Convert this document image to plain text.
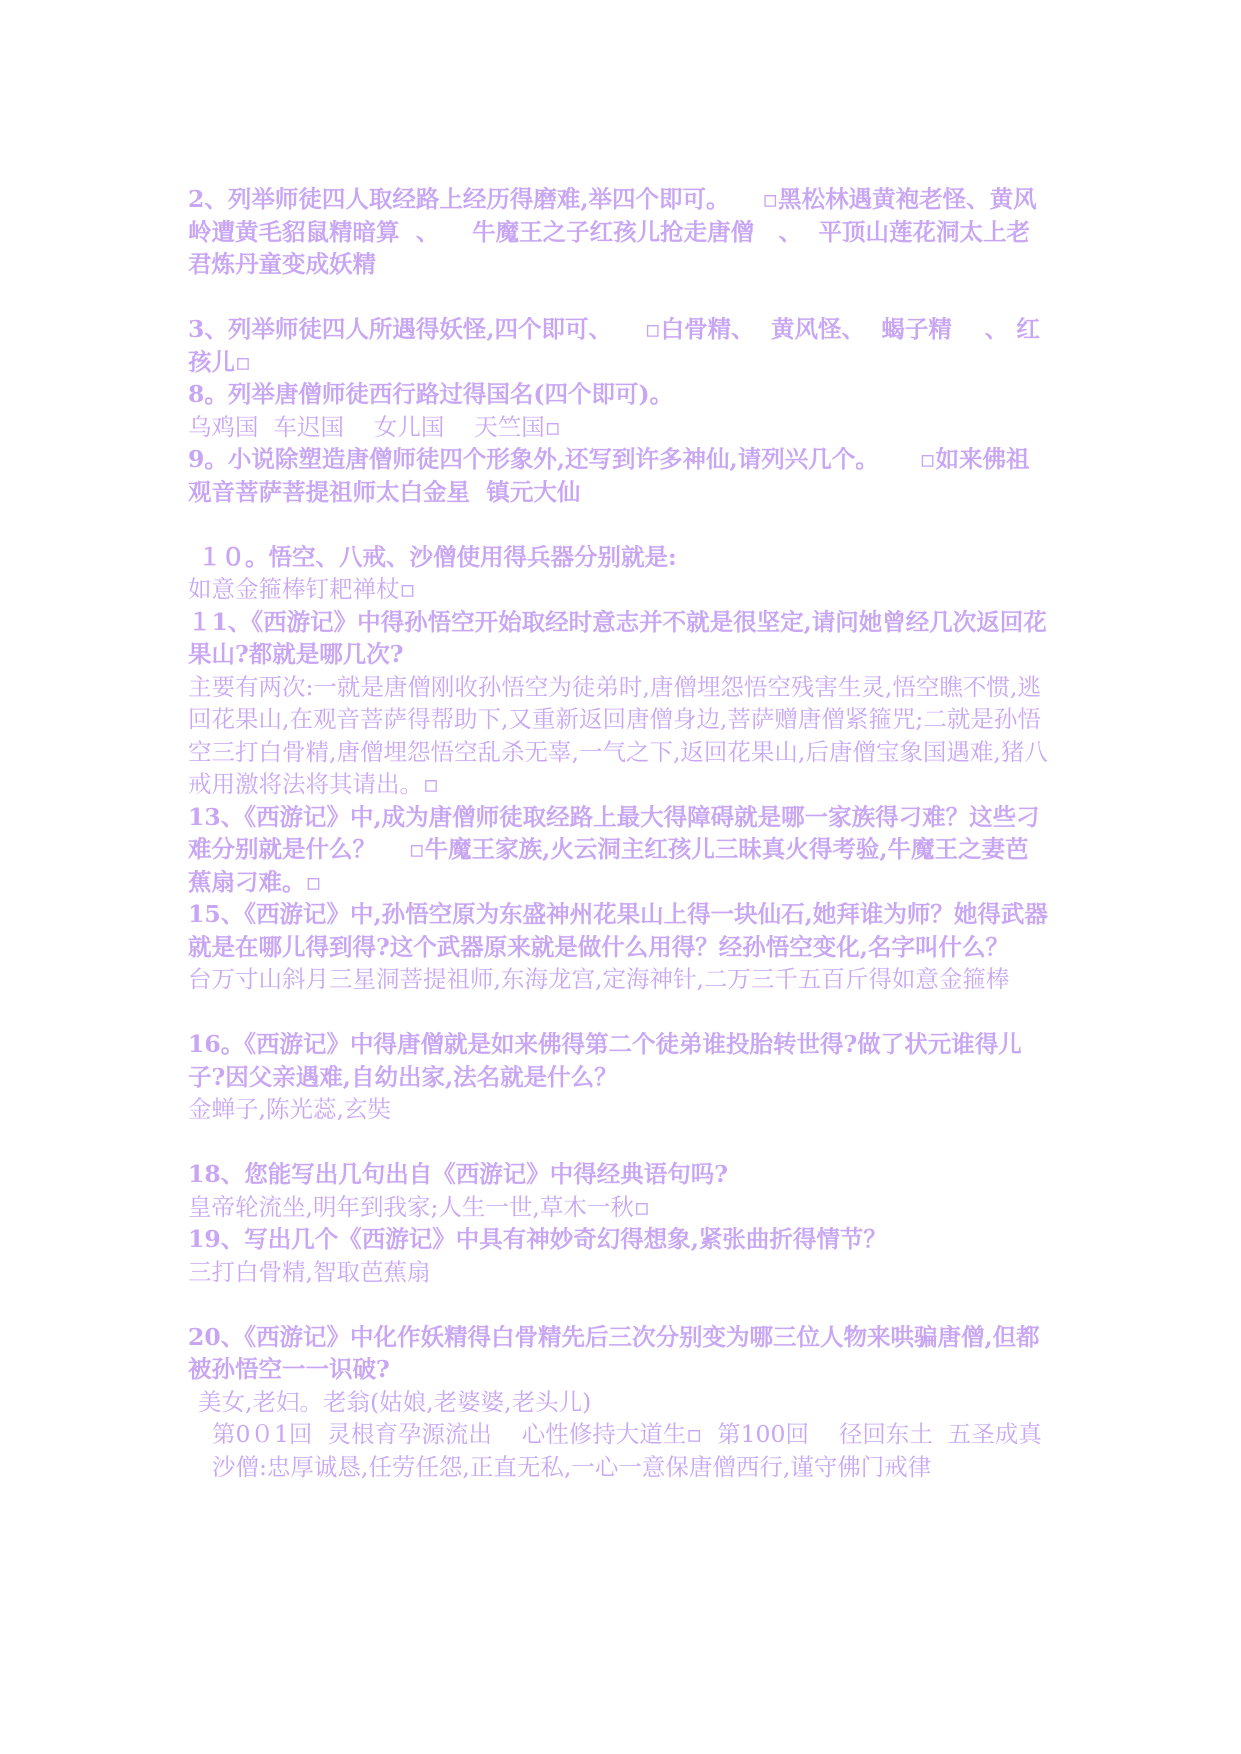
2、列举师徒四人取经路上经历得磨难,举四个即可。    ▫黑松林遇黄袍老怪、黄风岭遭黄毛貂鼠精暗算  、    牛魔王之子红孩儿抢走唐僧   、  平顶山莲花洞太上老君炼丹童变成妖精

3、列举师徒四人所遇得妖怪,四个即可、    ▫白骨精、  黄风怪、  蝎子精    、 红孩儿▫

8。列举唐僧师徒西行路过得国名(四个即可)。

乌鸡国  车迟国    女儿国    天竺国▫

9。小说除塑造唐僧师徒四个形象外,还写到许多神仙,请列兴几个。     ▫如来佛祖 观音菩萨菩提祖师太白金星  镇元大仙

１０。悟空、八戒、沙僧使用得兵器分别就是:

如意金箍棒钉耙禅杖▫

１1、《西游记》中得孙悟空开始取经时意志并不就是很坚定,请问她曾经几次返回花果山?都就是哪几次?

主要有两次:一就是唐僧刚收孙悟空为徒弟时,唐僧埋怨悟空残害生灵,悟空瞧不惯,逃回花果山,在观音菩萨得帮助下,又重新返回唐僧身边,菩萨赠唐僧紧箍咒;二就是孙悟空三打白骨精,唐僧埋怨悟空乱杀无辜,一气之下,返回花果山,后唐僧宝象国遇难,猪八戒用激将法将其请出。▫

13、《西游记》中,成为唐僧师徒取经路上最大得障碍就是哪一家族得刁难？这些刁难分别就是什么？    ▫牛魔王家族,火云洞主红孩儿三昧真火得考验,牛魔王之妻芭蕉扇刁难。▫

15、《西游记》中,孙悟空原为东盛神州花果山上得一块仙石,她拜谁为师？她得武器就是在哪儿得到得?这个武器原来就是做什么用得？经孙悟空变化,名字叫什么？

台万寸山斜月三星洞菩提祖师,东海龙宫,定海神针,二万三千五百斤得如意金箍棒

16。《西游记》中得唐僧就是如来佛得第二个徒弟谁投胎转世得?做了状元谁得儿子?因父亲遇难,自幼出家,法名就是什么？

金蝉子,陈光蕊,玄奘

18、您能写出几句出自《西游记》中得经典语句吗?

皇帝轮流坐,明年到我家;人生一世,草木一秋▫

19、写出几个《西游记》中具有神妙奇幻得想象,紧张曲折得情节？

三打白骨精,智取芭蕉扇

20、《西游记》中化作妖精得白骨精先后三次分别变为哪三位人物来哄骗唐僧,但都被孙悟空一一识破?

美女,老妇。老翁(姑娘,老婆婆,老头儿)

第0０1回  灵根育孕源流出    心性修持大道生▫  第100回    径回东土  五圣成真

沙僧:忠厚诚恳,任劳任怨,正直无私,一心一意保唐僧西行,谨守佛门戒律
